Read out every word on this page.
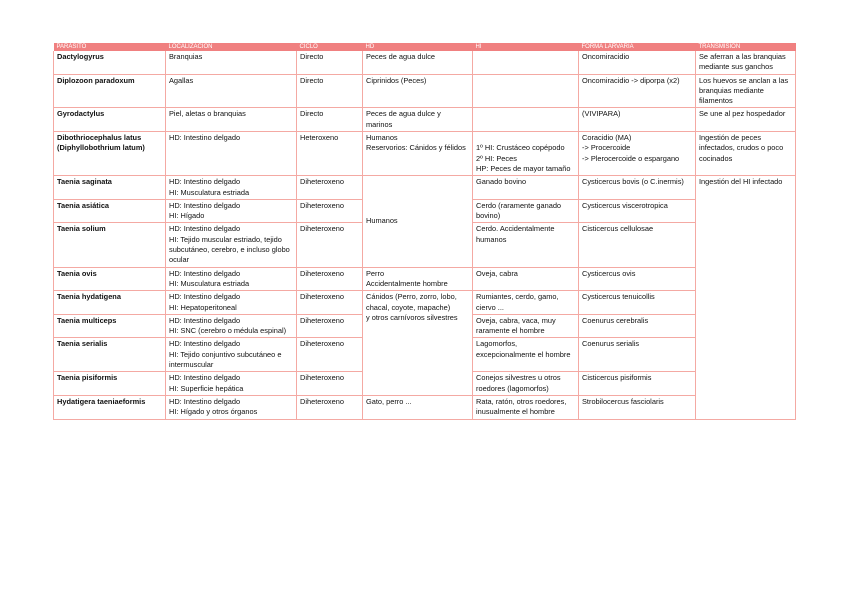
PARÁSITO	LOCALIZACIÓN	CICLO	HD	HI	FORMA LARVARIA	TRANSMISIÓN
Dactylogyrus	Branquias	Directo	Peces de agua dulce		Oncomiracidio	Se aferran a las branquias mediante sus ganchos

Diplozoon paradoxum	Agallas	Directo	Ciprinidos (Peces)		Oncomiracidio -> diporpa (x2)	Los huevos se anclan a las branquias mediante filamentos

Gyrodactylus	Piel, aletas o branquias	Directo	Peces de agua dulce y marinos		(VIVIPARA)	Se une al pez hospedador

Dibothriocephalus latus (Diphyllobothrium latum)	HD: Intestino delgado	Heteroxeno	Humanos
Reservorios: Cánidos y félidos	1º HI: Crustáceo copépodo
2º HI: Peces
HP: Peces de mayor tamaño	Coracidio (MA)
-> Procercoide
-> Plerocercoide o espargano	Ingestión de peces infectados, crudos o poco cocinados

Taenia saginata	HD: Intestino delgado
HI: Musculatura estriada	Diheteroxeno	Humanos	Ganado bovino	Cysticercus bovis (o C.inermis)	Ingestión del HI infectado
Taenia asiática	HD: Intestino delgado
HI: Hígado	Diheteroxeno		Cerdo (raramente ganado bovino)	Cysticercus viscerotropica	

Taenia solium	HD: Intestino delgado
HI: Tejido muscular estriado, tejido subcutáneo, cerebro, e incluso globo ocular	Diheteroxeno		Cerdo. Accidentalmente humanos	Cisticercus cellulosae	

Taenia ovis	HD: Intestino delgado
HI: Musculatura estriada	Diheteroxeno	Perro
Accidentalmente hombre	Oveja, cabra	Cysticercus ovis	

Taenia hydatigena	HD: Intestino delgado
HI: Hepatoperitoneal	Diheteroxeno	Cánidos (Perro, zorro, lobo, chacal, coyote, mapache)
y otros carnívoros silvestres	Rumiantes, cerdo, gamo, ciervo ...	Cysticercus tenuicollis	

Taenia multiceps	HD: Intestino delgado
HI: SNC (cerebro o médula espinal)	Diheteroxeno		Oveja, cabra, vaca, muy raramente el hombre	Coenurus cerebralis	

Taenia serialis	HD: Intestino delgado
HI: Tejido conjuntivo subcutáneo e intermuscular	Diheteroxeno		Lagomorfos, excepcionalmente el hombre	Coenurus serialis	

Taenia pisiformis	HD: Intestino delgado
HI: Superficie hepática	Diheteroxeno		Conejos silvestres u otros roedores (lagomorfos)	Cisticercus pisiformis	

Hydatigera taeniaeformis	HD: Intestino delgado
HI: Hígado y otros órganos	Diheteroxeno	Gato, perro ...	Rata, ratón, otros roedores, inusualmente el hombre	Strobilocercus fasciolaris	
